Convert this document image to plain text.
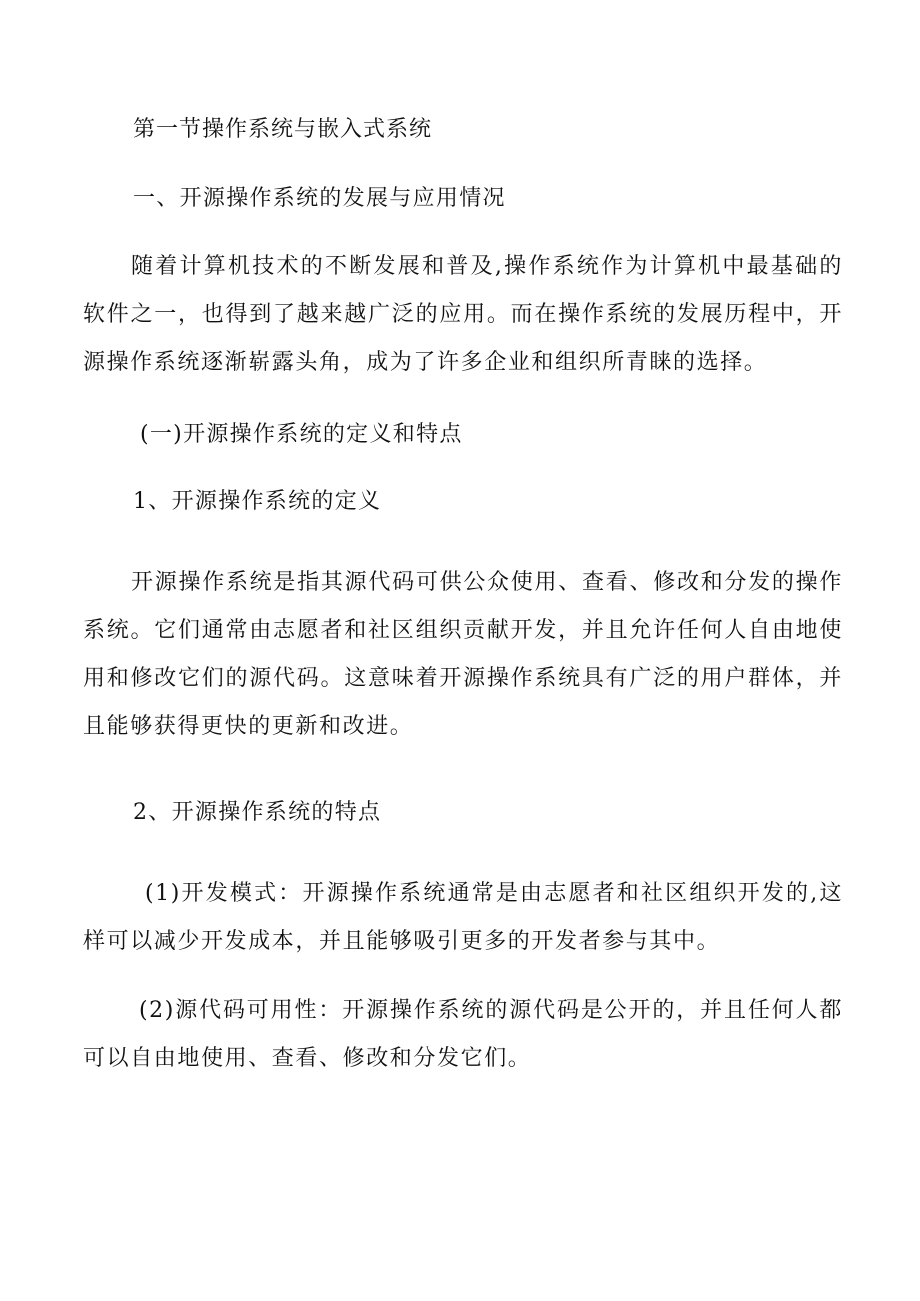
第一节操作系统与嵌入式系统
一、开源操作系统的发展与应用情况
随着计算机技术的不断发展和普及,操作系统作为计算机中最基础的软件之一，也得到了越来越广泛的应用。而在操作系统的发展历程中，开源操作系统逐渐崭露头角，成为了许多企业和组织所青睐的选择。
(一)开源操作系统的定义和特点
1、开源操作系统的定义
开源操作系统是指其源代码可供公众使用、查看、修改和分发的操作系统。它们通常由志愿者和社区组织贡献开发，并且允许任何人自由地使用和修改它们的源代码。这意味着开源操作系统具有广泛的用户群体，并且能够获得更快的更新和改进。
2、开源操作系统的特点
(1)开发模式：开源操作系统通常是由志愿者和社区组织开发的,这样可以减少开发成本，并且能够吸引更多的开发者参与其中。
(2)源代码可用性：开源操作系统的源代码是公开的，并且任何人都可以自由地使用、查看、修改和分发它们。
